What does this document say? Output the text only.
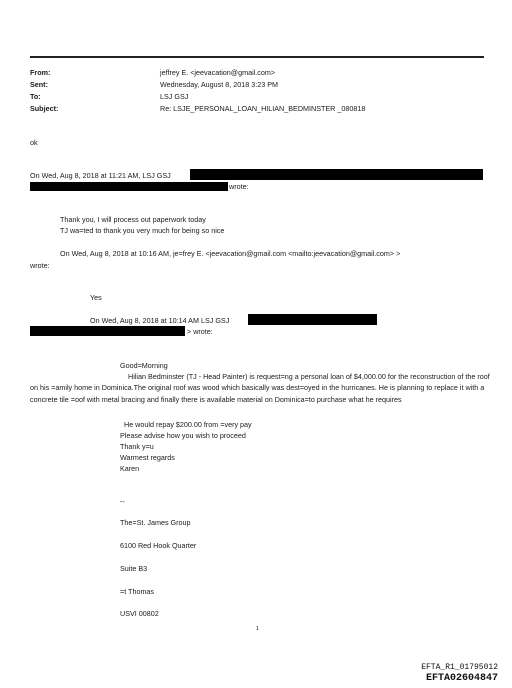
From:	jeffrey E. <jeevacation@gmail.com>
Sent:	Wednesday, August 8, 2018 3:23 PM
To:	LSJ GSJ
Subject:	Re: LSJE_PERSONAL_LOAN_HILIAN_BEDMINSTER _080818
ok
On Wed, Aug 8, 2018 at 11:21 AM, LSJ GSJ
wrote:
Thank you, I will process out paperwork today
TJ wa=ted to thank you very much for being so nice
On Wed, Aug 8, 2018 at 10:16 AM, je=frey E. <jeevacation@gmail.com <mailto:jeevacation@gmail.com> >
wrote:
Yes
On Wed, Aug 8, 2018 at 10:14 AM LSJ GSJ
> wrote:
Good=Morning
Hilian Bedminster (TJ - Head Painter) is request=ng a personal loan of $4,000.00 for the reconstruction of the roof on his =amily home in Dominica.The original roof was wood which basically was dest=oyed in the hurricanes. He is planning to replace it with a concrete tile =oof with metal bracing and finally there is available material on Dominica=to purchase what he requires
He would repay $200.00 from =very pay
Please advise how you wish to proceed
Thank y=u
Warmest regards
Karen
--
The=St. James Group
6100 Red Hook Quarter
Suite B3
=t Thomas
USVI 00802
1
EFTA_R1_01795012
EFTA02604847
